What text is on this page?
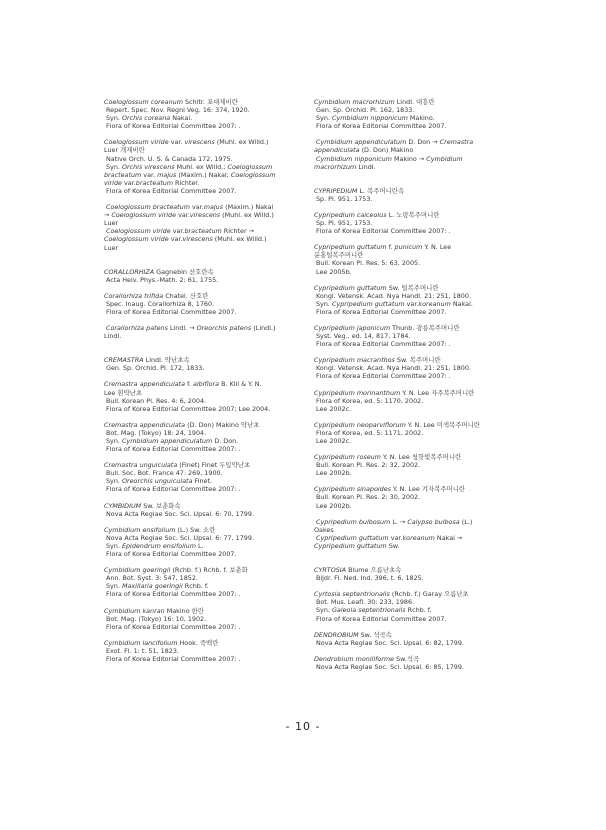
Coeloglossum coreanum Schltr. 포대제비란
Repert. Spec. Nov. Regni Veg. 16: 374, 1920.
Syn. Orchis coreana Nakai.
Flora of Korea Editorial Committee 2007: .
Coeloglossum viride var. virescens (Muhl. ex Willd.)
Luer 개제비란
Native Orch. U. S. & Canada 172, 1975.
Syn. Orchis virescens Muhl. ex Willd.; Coeloglossum
bracteatum var. majus (Maxim.) Nakai; Coeloglossum
viride var.bracteatum Richter.
Flora of Korea Editorial Committee 2007.
Coeloglossum bracteatum var.majus (Maxim.) Nakai
→ Coeloglossum viride var.virescens (Muhl. ex Willd.)
Luer
Coeloglossum viride var.bracteatum Richter →
Coeloglossum viride var.virescens (Muhl. ex Willd.)
Luer
CORALLORHIZA Gagnebin 산호란속
Acta Helv. Phys.-Math. 2: 61, 1755.
Corallorhiza trifida Chatel. 산호란
Spec. Inaug. Corallorhiza 8, 1760.
Flora of Korea Editorial Committee 2007.
Corallorhiza patens Lindl. → Oreorchis patens (Lindl.)
Lindl.
CREMASTRA Lindl. 약난초속
Gen. Sp. Orchid. Pl. 172, 1833.
Cremastra appendiculata f. albiflora B. Kill & Y. N.
Lee 흰약난초
Bull. Korean Pl. Res. 4: 6, 2004.
Flora of Korea Editorial Committee 2007; Lee 2004.
Cremastra appendiculata (D. Don) Makino 약난초
Bot. Mag. (Tokyo) 18: 24, 1904.
Syn. Cymbidium appendiculatum D. Don.
Flora of Korea Editorial Committee 2007: .
Cremastra unguiculata (Finet) Finet 두잎약난초
Bull. Soc. Bot. France 47: 269, 1900.
Syn. Oreorchis unguiculata Finet.
Flora of Korea Editorial Committee 2007: .
CYMBIDIUM Sw. 보춘화속
Nova Acta Regiae Soc. Sci. Upsal. 6: 70, 1799.
Cymbidium ensifolium (L.) Sw. 소란
Nova Acta Regiae Soc. Sci. Upsal. 6: 77, 1799.
Syn. Epidendrum ensifolium L.
Flora of Korea Editorial Committee 2007.
Cymbidium goeringii (Rchb. f.) Rchb. f. 보춘화
Ann. Bot. Syst. 3: 547, 1852.
Syn. Maxillaria goeringii Rchb. f.
Flora of Korea Editorial Committee 2007: .
Cymbidium kanran Makino 한란
Bot. Mag. (Tokyo) 16: 10, 1902.
Flora of Korea Editorial Committee 2007: .
Cymbidium lancifolium Hook. 죽백란
Exot. Fl. 1: t. 51, 1823.
Flora of Korea Editorial Committee 2007: .
Cymbidium macrorhizum Lindl. 대흥란
Gen. Sp. Orchid. Pl. 162, 1833.
Syn. Cymbidium nipponicum Makino.
Flora of Korea Editorial Committee 2007.
Cymbidium appendiculatum D. Don → Cremastra
appendiculata (D. Don) Makino
Cymbidium nipponicum Makino → Cymbidium
macrorhizum Lindl.
CYPRIPEDIUM L. 복주머니란속
Sp. Pl. 951, 1753.
Cypripedium calceolus L. 노랑복주머니란
Sp. Pl. 951, 1753.
Flora of Korea Editorial Committee 2007: .
Cypripedium guttatum f. punicum Y. N. Lee
분홍털복주머니란
Bull. Korean Pl. Res. 5: 63, 2005.
Lee 2005b.
Cypripedium guttatum Sw. 털복주머니란
Kongl. Vetensk. Acad. Nya Handl. 21: 251, 1800.
Syn. Cypripedium guttatum var.koreanum Nakai.
Flora of Korea Editorial Committee 2007.
Cypripedium japonicum Thunb. 광릉복주머니란
Syst. Veg., ed. 14, 817, 1784.
Flora of Korea Editorial Committee 2007: .
Cypripedium macranthos Sw. 복주머니란
Kongl. Vetensk. Acad. Nya Handl. 21: 251, 1800.
Flora of Korea Editorial Committee 2007: .
Cypripedium morinanthum Y. N. Lee 자주복주머니란
Flora of Korea, ed. 5: 1170, 2002.
Lee 2002c.
Cypripedium neoparviflorum Y. N. Lee 미색복주머니란
Flora of Korea, ed. 5: 1171, 2002.
Lee 2002c.
Cypripedium roseum Y. N. Lee 청핫빛복주머니란
Bull. Korean Pl. Res. 2: 32, 2002.
Lee 2002b.
Cypripedium sinapoides Y. N. Lee 겨자복주머니란
Bull. Korean Pl. Res. 2: 30, 2002.
Lee 2002b.
Cypripedium bulbosum L. → Calypso bulbosa (L.)
Oakes
Cypripedium guttatum var.koreanum Nakai →
Cypripedium guttatum Sw.
CYRTOSIA Blume 으름난초속
Bijdr. Fl. Ned. Ind. 396, t. 6, 1825.
Cyrtosia septentrionalis (Rchb. f.) Garay 으름난초
Bot. Mus. Leafl. 30: 233, 1986.
Syn. Galeola septentrionalis Rchb. f.
Flora of Korea Editorial Committee 2007.
DENDROBIUM Sw. 석곡속
Nova Acta Regiae Soc. Sci. Upsal. 6: 82, 1799.
Dendrobium moniliforme Sw.석곡
Nova Acta Regiae Soc. Sci. Upsal. 6: 85, 1799.
- 10 -
